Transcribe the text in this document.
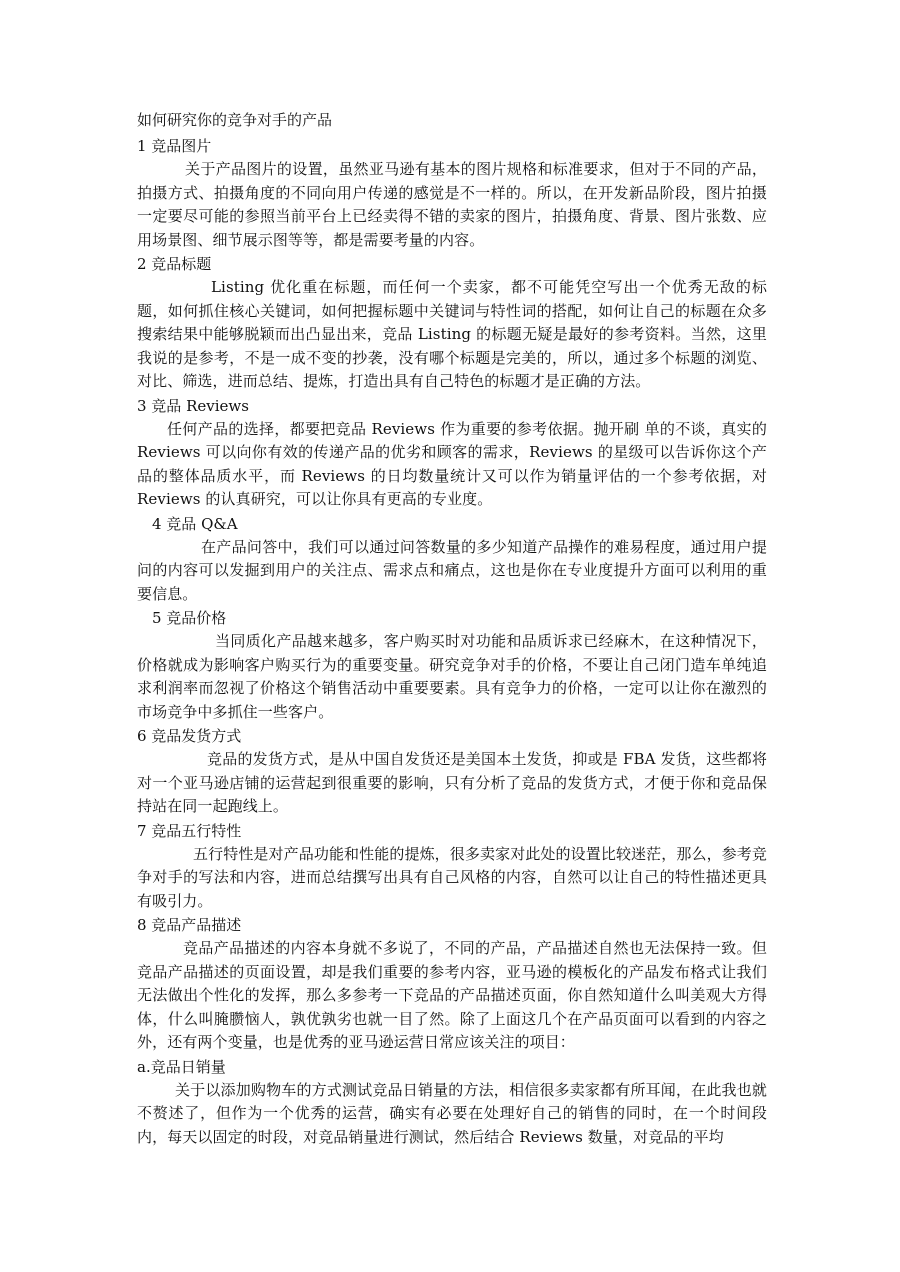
如何研究你的竞争对手的产品
1 竞品图片

关于产品图片的设置，虽然亚马逊有基本的图片规格和标准要求，但对于不同的产品，拍摄方式、拍摄角度的不同向用户传递的感觉是不一样的。所以，在开发新品阶段，图片拍摄一定要尽可能的参照当前平台上已经卖得不错的卖家的图片，拍摄角度、背景、图片张数、应用场景图、细节展示图等等，都是需要考量的内容。

2 竞品标题

Listing 优化重在标题，而任何一个卖家，都不可能凭空写出一个优秀无敌的标题，如何抓住核心关键词，如何把握标题中关键词与特性词的搭配，如何让自己的标题在众多搜索结果中能够脱颖而出凸显出来，竞品 Listing 的标题无疑是最好的参考资料。当然，这里我说的是参考，不是一成不变的抄袭，没有哪个标题是完美的，所以，通过多个标题的浏览、对比、筛选，进而总结、提炼，打造出具有自己特色的标题才是正确的方法。

3 竞品 Reviews

任何产品的选择，都要把竞品 Reviews 作为重要的参考依据。抛开刷 单的不谈，真实的 Reviews 可以向你有效的传递产品的优劣和顾客的需求，Reviews 的星级可以告诉你这个产品的整体品质水平，而 Reviews 的日均数量统计又可以作为销量评估的一个参考依据，对 Reviews 的认真研究，可以让你具有更高的专业度。

4 竞品 Q&A

在产品问答中，我们可以通过问答数量的多少知道产品操作的难易程度，通过用户提问的内容可以发掘到用户的关注点、需求点和痛点，这也是你在专业度提升方面可以利用的重要信息。

5 竞品价格

当同质化产品越来越多，客户购买时对功能和品质诉求已经麻木，在这种情况下，价格就成为影响客户购买行为的重要变量。研究竞争对手的价格，不要让自己闭门造车单纯追求利润率而忽视了价格这个销售活动中重要要素。具有竞争力的价格，一定可以让你在激烈的市场竞争中多抓住一些客户。

6 竞品发货方式

竞品的发货方式，是从中国自发货还是美国本土发货，抑或是 FBA 发货，这些都将对一个亚马逊店铺的运营起到很重要的影响，只有分析了竞品的发货方式，才便于你和竞品保持站在同一起跑线上。

7 竞品五行特性

五行特性是对产品功能和性能的提炼，很多卖家对此处的设置比较迷茫，那么，参考竞争对手的写法和内容，进而总结撰写出具有自己风格的内容，自然可以让自己的特性描述更具有吸引力。

8 竞品产品描述

竞品产品描述的内容本身就不多说了，不同的产品，产品描述自然也无法保持一致。但竞品产品描述的页面设置，却是我们重要的参考内容，亚马逊的模板化的产品发布格式让我们无法做出个性化的发挥，那么多参考一下竞品的产品描述页面，你自然知道什么叫美观大方得体，什么叫腌臜恼人，孰优孰劣也就一目了然。除了上面这几个在产品页面可以看到的内容之外，还有两个变量，也是优秀的亚马逊运营日常应该关注的项目：

a.竞品日销量

关于以添加购物车的方式测试竞品日销量的方法，相信很多卖家都有所耳闻，在此我也就不赘述了，但作为一个优秀的运营，确实有必要在处理好自己的销售的同时，在一个时间段内，每天以固定的时段，对竞品销量进行测试，然后结合 Reviews 数量，对竞品的平均
